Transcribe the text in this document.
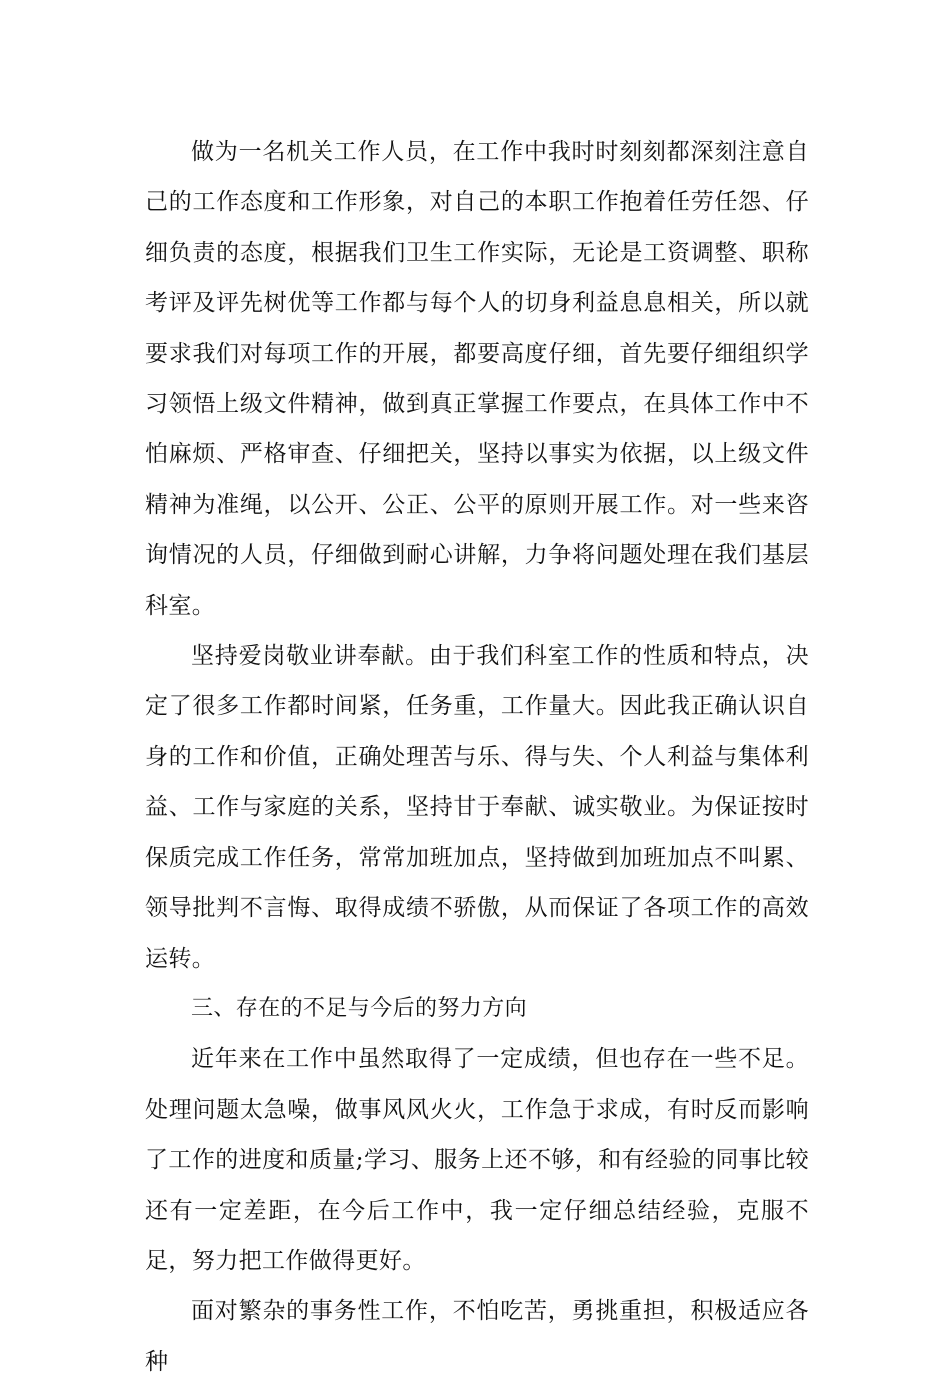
做为一名机关工作人员，在工作中我时时刻刻都深刻注意自己的工作态度和工作形象，对自己的本职工作抱着任劳任怨、仔细负责的态度，根据我们卫生工作实际，无论是工资调整、职称考评及评先树优等工作都与每个人的切身利益息息相关，所以就要求我们对每项工作的开展，都要高度仔细，首先要仔细组织学习领悟上级文件精神，做到真正掌握工作要点，在具体工作中不怕麻烦、严格审查、仔细把关，坚持以事实为依据，以上级文件精神为准绳，以公开、公正、公平的原则开展工作。对一些来咨询情况的人员，仔细做到耐心讲解，力争将问题处理在我们基层科室。

坚持爱岗敬业讲奉献。由于我们科室工作的性质和特点，决定了很多工作都时间紧，任务重，工作量大。因此我正确认识自身的工作和价值，正确处理苦与乐、得与失、个人利益与集体利益、工作与家庭的关系，坚持甘于奉献、诚实敬业。为保证按时保质完成工作任务，常常加班加点，坚持做到加班加点不叫累、领导批判不言悔、取得成绩不骄傲，从而保证了各项工作的高效运转。

三、存在的不足与今后的努力方向

近年来在工作中虽然取得了一定成绩，但也存在一些不足。处理问题太急噪，做事风风火火，工作急于求成，有时反而影响了工作的进度和质量;学习、服务上还不够，和有经验的同事比较还有一定差距，在今后工作中，我一定仔细总结经验，克服不足，努力把工作做得更好。

面对繁杂的事务性工作，不怕吃苦，勇挑重担，积极适应各种
